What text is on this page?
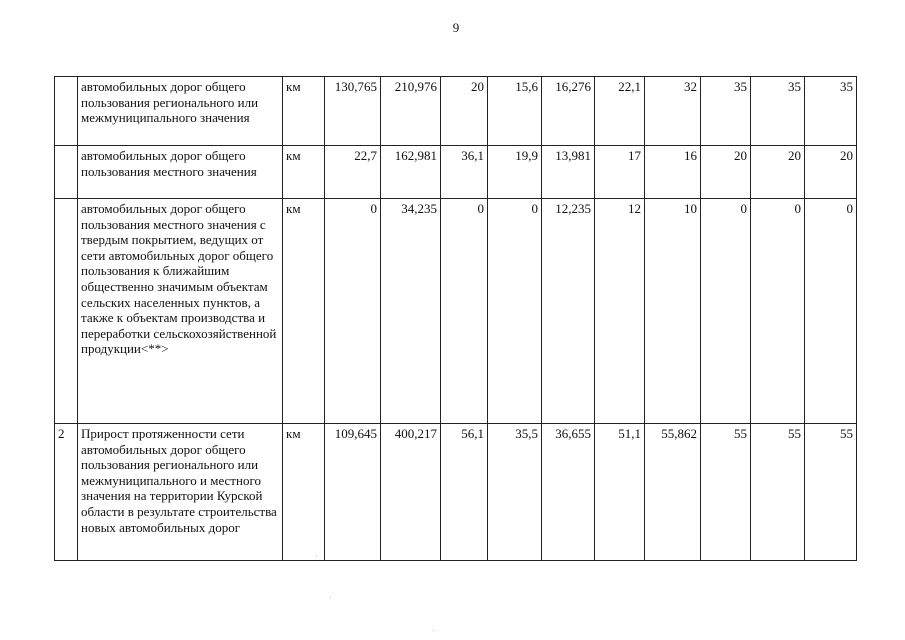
9
	автомобильных дорог общего пользования регионального или межмуниципального значения	км	130,765	210,976	20	15,6	16,276	22,1	32	35	35	35
	автомобильных дорог общего пользования местного значения	км	22,7	162,981	36,1	19,9	13,981	17	16	20	20	20
	автомобильных дорог общего пользования местного значения с твердым покрытием, ведущих от сети автомобильных дорог общего пользования к ближайшим общественно значимым объектам сельских населенных пунктов, а также к объектам производства и переработки сельскохозяйственной продукции<**>	км	0	34,235	0	0	12,235	12	10	0	0	0
2	Прирост протяженности сети автомобильных дорог общего пользования регионального или межмуниципального и местного значения на территории Курской области в результате строительства новых автомобильных дорог	км	109,645	400,217	56,1	35,5	36,655	51,1	55,862	55	55	55
